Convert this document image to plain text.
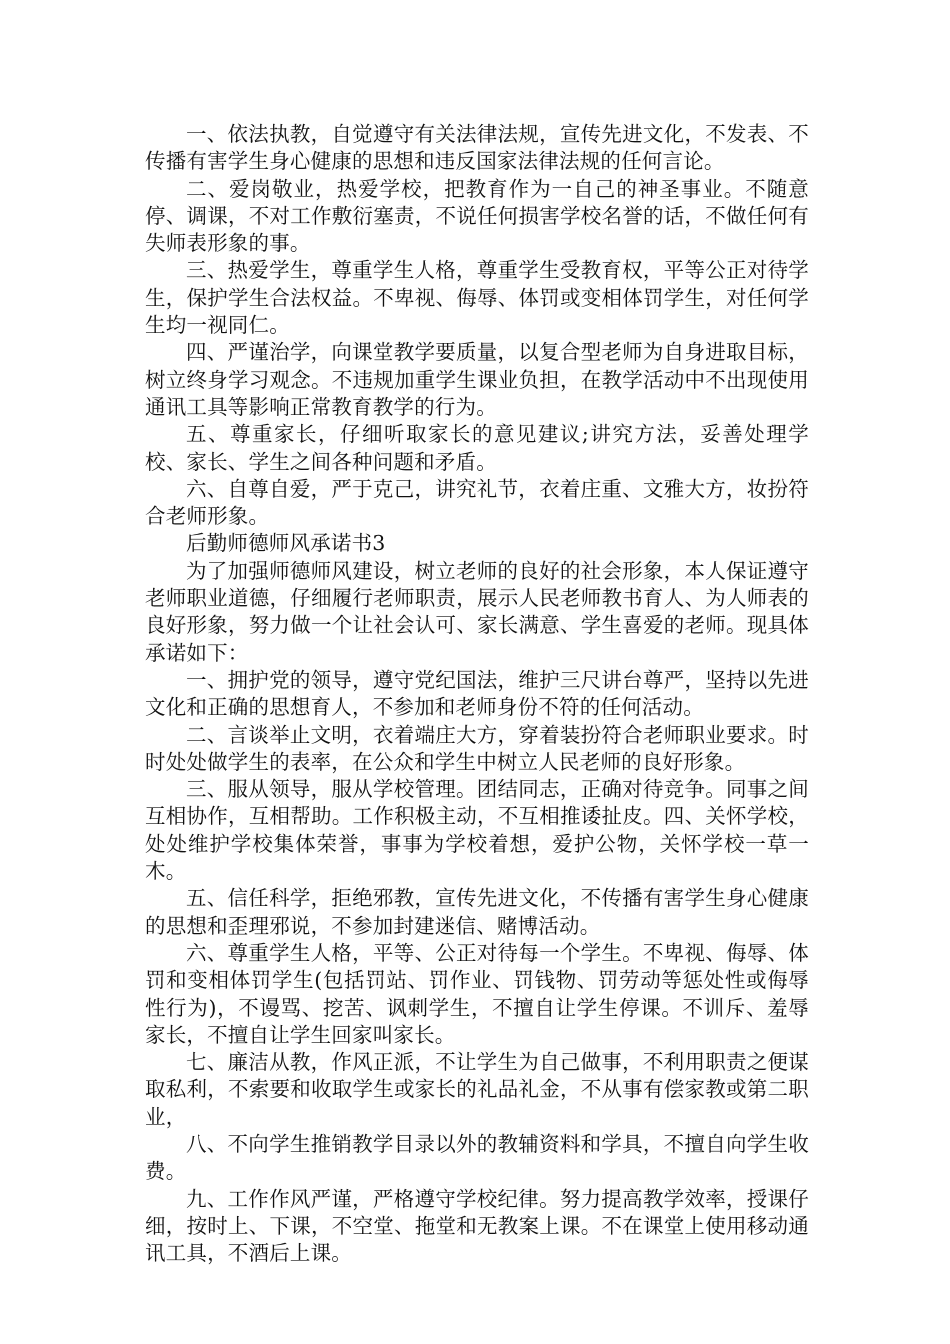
一、依法执教，自觉遵守有关法律法规，宣传先进文化，不发表、不传播有害学生身心健康的思想和违反国家法律法规的任何言论。

二、爱岗敬业，热爱学校，把教育作为一自己的神圣事业。不随意停、调课，不对工作敷衍塞责，不说任何损害学校名誉的话，不做任何有失师表形象的事。

三、热爱学生，尊重学生人格，尊重学生受教育权，平等公正对待学生，保护学生合法权益。不卑视、侮辱、体罚或变相体罚学生，对任何学生均一视同仁。

四、严谨治学，向课堂教学要质量，以复合型老师为自身进取目标，树立终身学习观念。不违规加重学生课业负担，在教学活动中不出现使用通讯工具等影响正常教育教学的行为。

五、尊重家长，仔细听取家长的意见建议;讲究方法，妥善处理学校、家长、学生之间各种问题和矛盾。

六、自尊自爱，严于克己，讲究礼节，衣着庄重、文雅大方，妆扮符合老师形象。

后勤师德师风承诺书3

为了加强师德师风建设，树立老师的良好的社会形象，本人保证遵守老师职业道德，仔细履行老师职责，展示人民老师教书育人、为人师表的良好形象，努力做一个让社会认可、家长满意、学生喜爱的老师。现具体承诺如下：

一、拥护党的领导，遵守党纪国法，维护三尺讲台尊严，坚持以先进文化和正确的思想育人，不参加和老师身份不符的任何活动。

二、言谈举止文明，衣着端庄大方，穿着装扮符合老师职业要求。时时处处做学生的表率，在公众和学生中树立人民老师的良好形象。

三、服从领导，服从学校管理。团结同志，正确对待竞争。同事之间互相协作，互相帮助。工作积极主动，不互相推诿扯皮。四、关怀学校，处处维护学校集体荣誉，事事为学校着想，爱护公物，关怀学校一草一木。

五、信任科学，拒绝邪教，宣传先进文化，不传播有害学生身心健康的思想和歪理邪说，不参加封建迷信、赌博活动。

六、尊重学生人格，平等、公正对待每一个学生。不卑视、侮辱、体罚和变相体罚学生(包括罚站、罚作业、罚钱物、罚劳动等惩处性或侮辱性行为)，不谩骂、挖苦、讽刺学生，不擅自让学生停课。不训斥、羞辱家长，不擅自让学生回家叫家长。

七、廉洁从教，作风正派，不让学生为自己做事，不利用职责之便谋取私利，不索要和收取学生或家长的礼品礼金，不从事有偿家教或第二职业，

八、不向学生推销教学目录以外的教辅资料和学具，不擅自向学生收费。

九、工作作风严谨，严格遵守学校纪律。努力提高教学效率，授课仔细，按时上、下课，不空堂、拖堂和无教案上课。不在课堂上使用移动通讯工具，不酒后上课。
